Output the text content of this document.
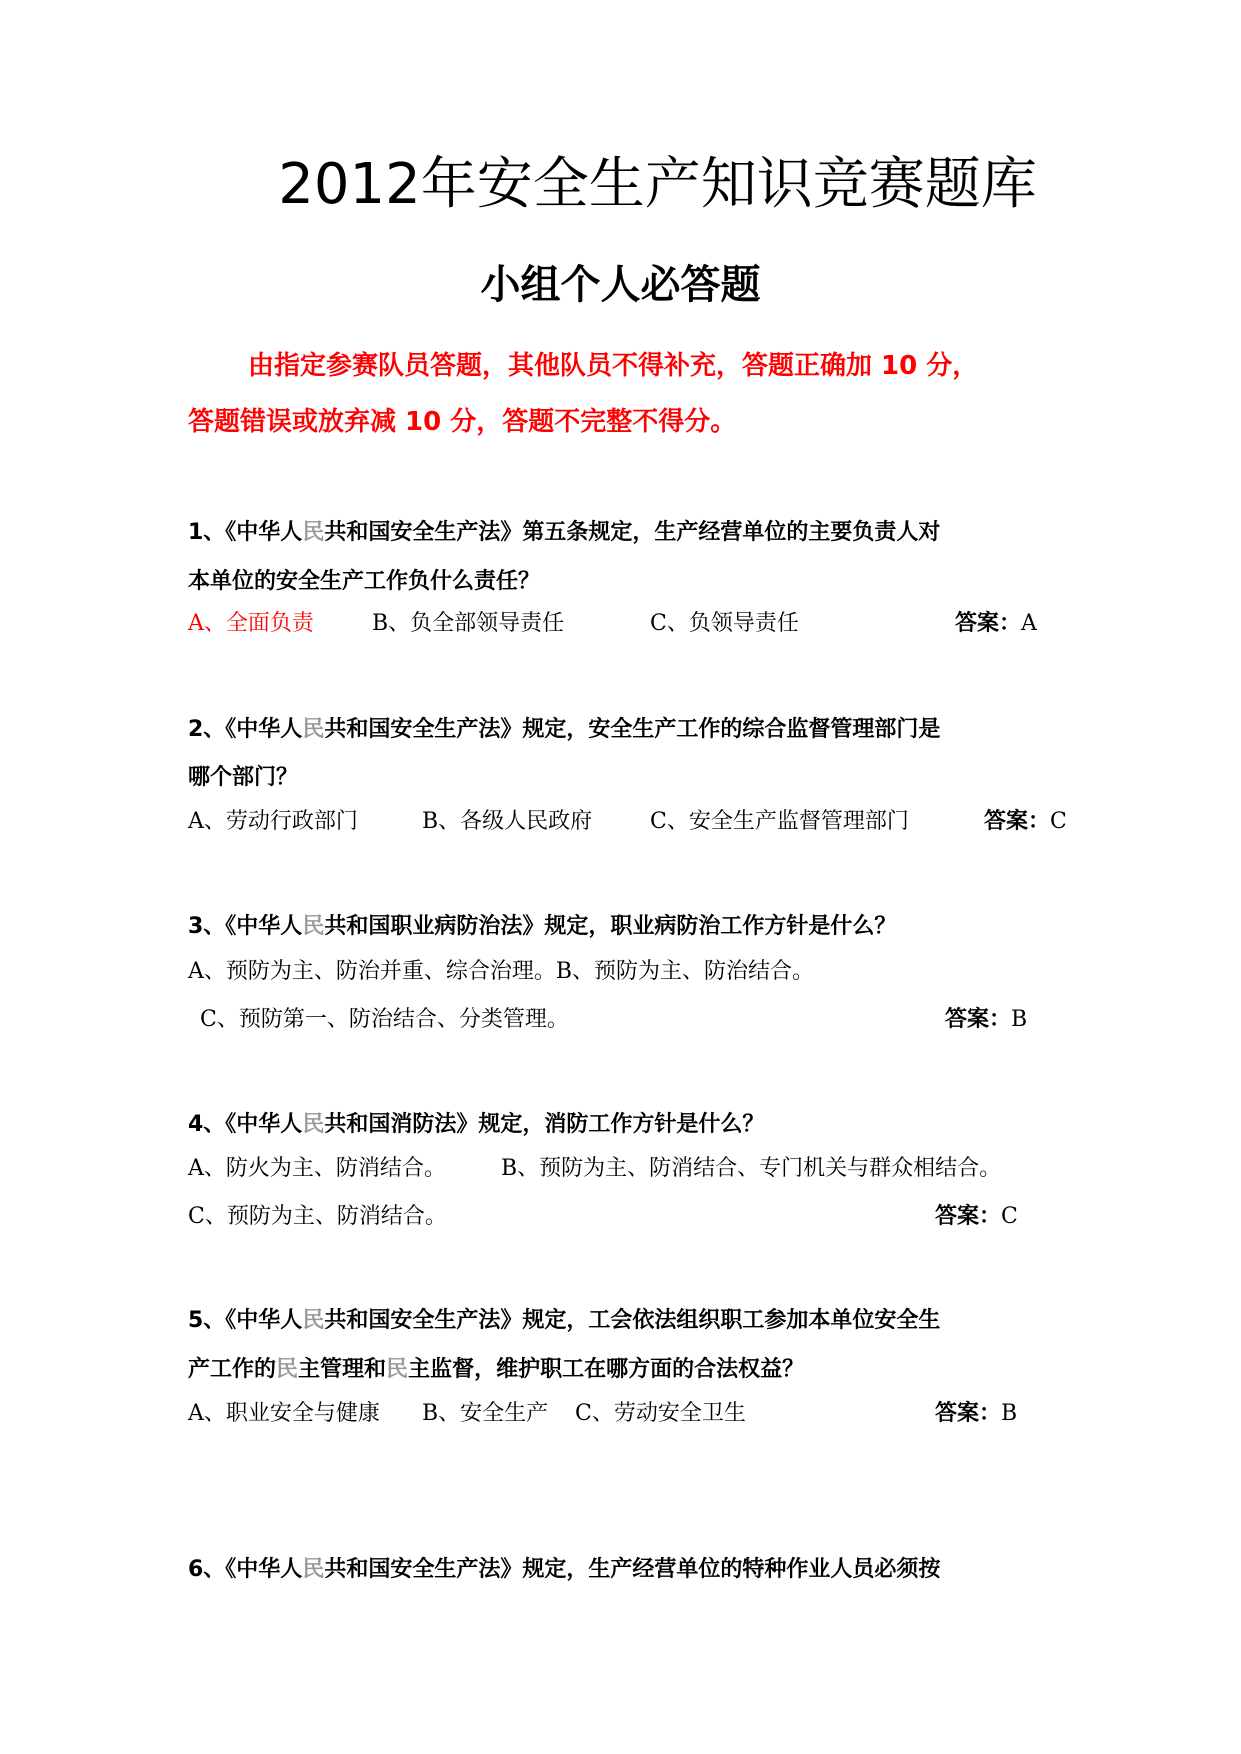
2012年安全生产知识竞赛题库
小组个人必答题
由指定参赛队员答题，其他队员不得补充，答题正确加 10 分，
答题错误或放弃减 10 分，答题不完整不得分。
1、《中华人民共和国安全生产法》第五条规定，生产经营单位的主要负责人对
本单位的安全生产工作负什么责任？
A、全面负责	B、负全部领导责任	C、负领导责任	答案：A
2、《中华人民共和国安全生产法》规定，安全生产工作的综合监督管理部门是
哪个部门？
A、劳动行政部门	B、各级人民政府	C、安全生产监督管理部门	答案：C
3、《中华人民共和国职业病防治法》规定，职业病防治工作方针是什么？
A、预防为主、防治并重、综合治理。B、预防为主、防治结合。
C、预防第一、防治结合、分类管理。	答案：B
4、《中华人民共和国消防法》规定，消防工作方针是什么？
A、防火为主、防消结合。	B、预防为主、防消结合、专门机关与群众相结合。
C、预防为主、防消结合。	答案：C
5、《中华人民共和国安全生产法》规定，工会依法组织职工参加本单位安全生
产工作的民主管理和民主监督，维护职工在哪方面的合法权益？
A、职业安全与健康 B、安全生产 C、劳动安全卫生	答案：B
6、《中华人民共和国安全生产法》规定，生产经营单位的特种作业人员必须按
